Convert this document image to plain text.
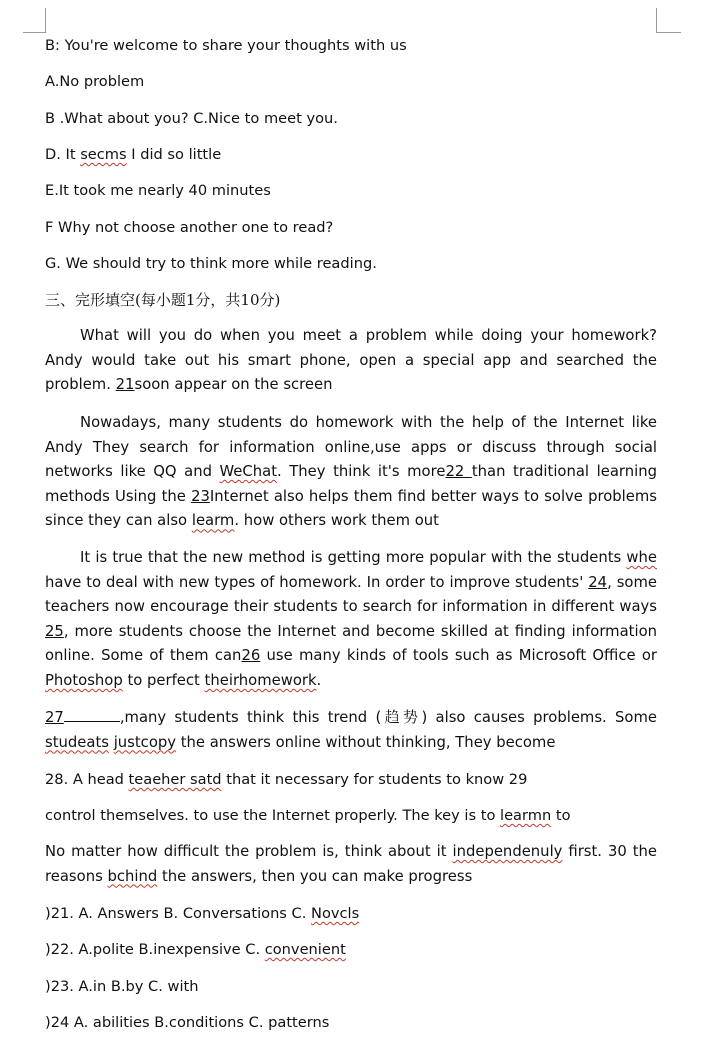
B: You're welcome to share your thoughts with us
A.No problem
B .What about you? C.Nice to meet you.
D. It secms I did so little
E.It took me nearly 40 minutes
F Why not choose another one to read?
G. We should try to think more while reading.
三、完形填空(每小题1分，共10分)
What will you do when you meet a problem while doing your homework? Andy would take out his smart phone, open a special app and searched the problem. 21soon appear on the screen
Nowadays, many students do homework with the help of the Internet like Andy They search for information online,use apps or discuss through social networks like QQ and WeChat. They think it's more22 than traditional learning methods Using the 23Internet also helps them find better ways to solve problems since they can also learm. how others work them out
It is true that the new method is getting more popular with the students whe have to deal with new types of homework. In order to improve students' 24, some teachers now encourage their students to search for information in different ways 25, more students choose the Internet and become skilled at finding information online. Some of them can26 use many kinds of tools such as Microsoft Office or Photoshop to perfect theirhomework.
27	,many students think this trend (趋势) also causes problems. Some studeats justcopy the answers online without thinking, They become
28. A head teaeher satd that it necessary for students to know 29
control themselves. to use the Internet properly. The key is to learmn to
No matter how difficult the problem is, think about it independenuly first. 30 the reasons bchind the answers, then you can make progress
)21. A. Answers B. Conversations C. Novcls
)22. A.polite B.inexpensive C. convenient
)23. A.in B.by C. with
)24 A. abilities B.conditions C. patterns
